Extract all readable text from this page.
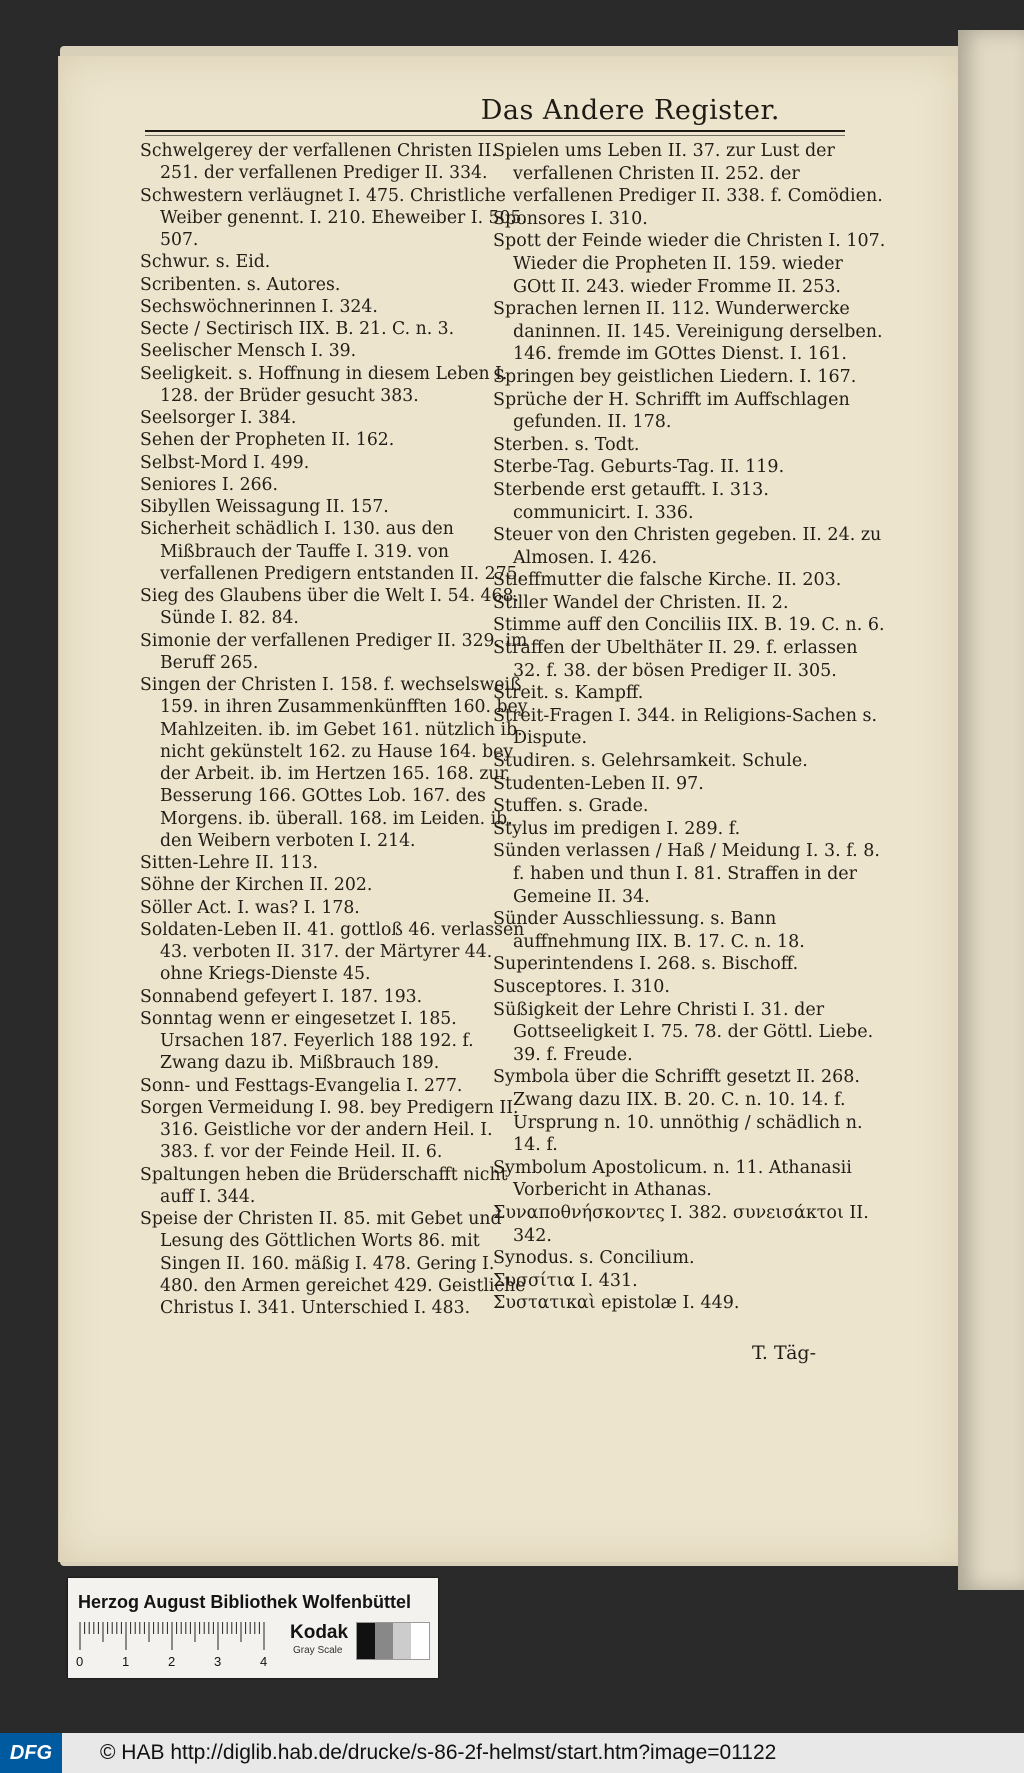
Das Andere Register.

Schwelgerey der verfallenen Christen II. 251. der verfallenen Prediger II. 334.

Schwestern verläugnet I. 475. Christliche Weiber genennt. I. 210. Eheweiber I. 505. 507.

Schwur. s. Eid.

Scribenten. s. Autores.

Sechswöchnerinnen I. 324.

Secte / Sectirisch IIX. B. 21. C. n. 3.

Seelischer Mensch I. 39.

Seeligkeit. s. Hoffnung in diesem Leben I. 128. der Brüder gesucht 383.

Seelsorger I. 384.

Sehen der Propheten II. 162.

Selbst-Mord I. 499.

Seniores I. 266.

Sibyllen Weissagung II. 157.

Sicherheit schädlich I. 130. aus den Mißbrauch der Tauffe I. 319. von verfallenen Predigern entstanden II. 275.

Sieg des Glaubens über die Welt I. 54. 468. Sünde I. 82. 84.

Simonie der verfallenen Prediger II. 329. im Beruff 265.

Singen der Christen I. 158. f. wechselsweiß 159. in ihren Zusammenkünfften 160. bey Mahlzeiten. ib. im Gebet 161. nützlich ib. nicht gekünstelt 162. zu Hause 164. bey der Arbeit. ib. im Hertzen 165. 168. zur Besserung 166. GOttes Lob. 167. des Morgens. ib. überall. 168. im Leiden. ib. den Weibern verboten I. 214.

Sitten-Lehre II. 113.

Söhne der Kirchen II. 202.

Söller Act. I. was? I. 178.

Soldaten-Leben II. 41. gottloß 46. verlassen 43. verboten II. 317. der Märtyrer 44. ohne Kriegs-Dienste 45.

Sonnabend gefeyert I. 187. 193.

Sonntag wenn er eingesetzet I. 185. Ursachen 187. Feyerlich 188 192. f. Zwang dazu ib. Mißbrauch 189.

Sonn- und Festtags-Evangelia I. 277.

Sorgen Vermeidung I. 98. bey Predigern II. 316. Geistliche vor der andern Heil. I. 383. f. vor der Feinde Heil. II. 6.

Spaltungen heben die Brüderschafft nicht auff I. 344.

Speise der Christen II. 85. mit Gebet und Lesung des Göttlichen Worts 86. mit Singen II. 160. mäßig I. 478. Gering I. 480. den Armen gereichet 429. Geistliche Christus I. 341. Unterschied I. 483.

Spielen ums Leben II. 37. zur Lust der verfallenen Christen II. 252. der verfallenen Prediger II. 338. f. Comödien.

Sponsores I. 310.

Spott der Feinde wieder die Christen I. 107. Wieder die Propheten II. 159. wieder GOtt II. 243. wieder Fromme II. 253.

Sprachen lernen II. 112. Wunderwercke daninnen. II. 145. Vereinigung derselben. 146. fremde im GOttes Dienst. I. 161.

Springen bey geistlichen Liedern. I. 167.

Sprüche der H. Schrifft im Auffschlagen gefunden. II. 178.

Sterben. s. Todt.

Sterbe-Tag. Geburts-Tag. II. 119.

Sterbende erst getaufft. I. 313. communicirt. I. 336.

Steuer von den Christen gegeben. II. 24. zu Almosen. I. 426.

Stieffmutter die falsche Kirche. II. 203.

Stiller Wandel der Christen. II. 2.

Stimme auff den Conciliis IIX. B. 19. C. n. 6.

Straffen der Ubelthäter II. 29. f. erlassen 32. f. 38. der bösen Prediger II. 305.

Streit. s. Kampff.

Streit-Fragen I. 344. in Religions-Sachen s. Dispute.

Studiren. s. Gelehrsamkeit. Schule.

Studenten-Leben II. 97.

Stuffen. s. Grade.

Stylus im predigen I. 289. f.

Sünden verlassen / Haß / Meidung I. 3. f. 8. f. haben und thun I. 81. Straffen in der Gemeine II. 34.

Sünder Ausschliessung. s. Bann auffnehmung IIX. B. 17. C. n. 18.

Superintendens I. 268. s. Bischoff.

Susceptores. I. 310.

Süßigkeit der Lehre Christi I. 31. der Gottseeligkeit I. 75. 78. der Göttl. Liebe. 39. f. Freude.

Symbola über die Schrifft gesetzt II. 268. Zwang dazu IIX. B. 20. C. n. 10. 14. f. Ursprung n. 10. unnöthig / schädlich n. 14. f.

Symbolum Apostolicum. n. 11. Athanasii Vorbericht in Athanas.

Συναποθνήσκοντες I. 382. συνεισάκτοι II. 342.

Synodus. s. Concilium.

Συσσίτια I. 431.

Συστατικαὶ epistolæ I. 449.

T. Täg-
Herzog August Bibliothek Wolfenbüttel
Kodak
Gray Scale
0	1	2	3	4
DFG	© HAB http://diglib.hab.de/drucke/s-86-2f-helmst/start.htm?image=01122
